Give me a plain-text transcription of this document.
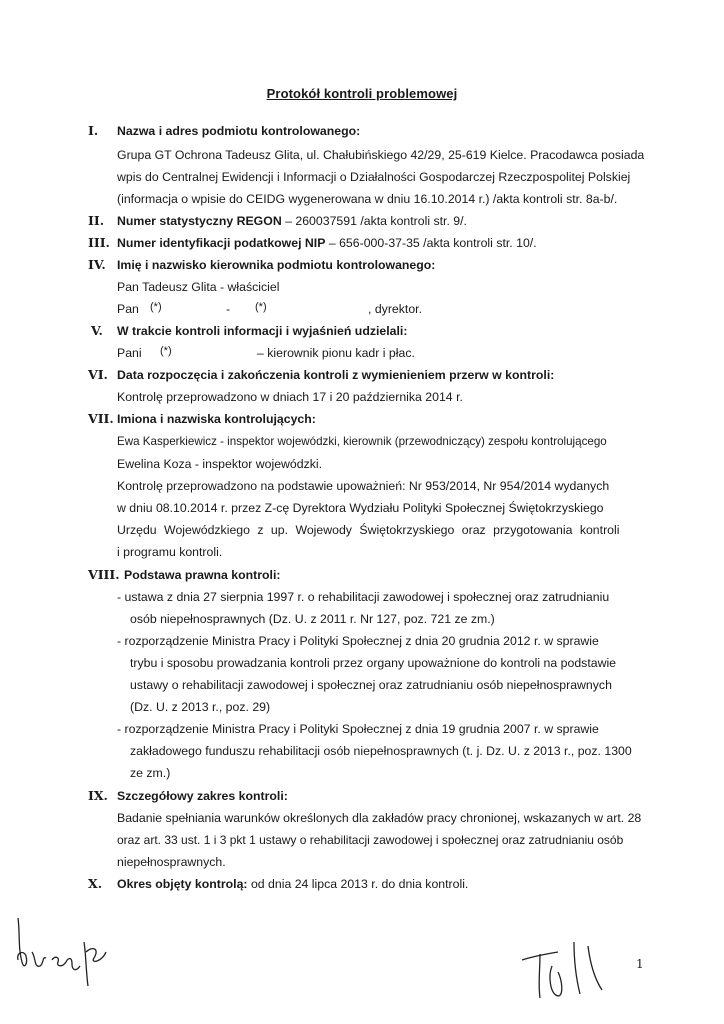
Protokół kontroli problemowej
I. Nazwa i adres podmiotu kontrolowanego:
Grupa GT Ochrona Tadeusz Glita, ul. Chałubińskiego 42/29, 25-619 Kielce. Pracodawca posiada
wpis do Centralnej Ewidencji i Informacji o Działalności Gospodarczej Rzeczpospolitej Polskiej
(informacja o wpisie do CEIDG wygenerowana w dniu 16.10.2014 r.) /akta kontroli str. 8a-b/.
II. Numer statystyczny REGON – 260037591 /akta kontroli str. 9/.
III. Numer identyfikacji podatkowej NIP – 656-000-37-35 /akta kontroli str. 10/.
IV. Imię i nazwisko kierownika podmiotu kontrolowanego:
Pan Tadeusz Glita - właściciel
Pan (*)	- (*)	, dyrektor.
V. W trakcie kontroli informacji i wyjaśnień udzielali:
Pani (*)	– kierownik pionu kadr i płac.
VI. Data rozpoczęcia i zakończenia kontroli z wymienieniem przerw w kontroli:
Kontrolę przeprowadzono w dniach 17 i 20 października 2014 r.
VII. Imiona i nazwiska kontrolujących:
Ewa Kasperkiewicz - inspektor wojewódzki, kierownik (przewodniczący) zespołu kontrolującego
Ewelina Koza - inspektor wojewódzki.
Kontrolę przeprowadzono na podstawie upoważnień: Nr 953/2014, Nr 954/2014 wydanych
w dniu 08.10.2014 r. przez Z-cę Dyrektora Wydziału Polityki Społecznej Świętokrzyskiego
Urzędu Wojewódzkiego z up. Wojewody Świętokrzyskiego oraz przygotowania kontroli
i programu kontroli.
VIII. Podstawa prawna kontroli:
- ustawa z dnia 27 sierpnia 1997 r. o rehabilitacji zawodowej i społecznej oraz zatrudnianiu
osób niepełnosprawnych (Dz. U. z 2011 r. Nr 127, poz. 721 ze zm.)
- rozporządzenie Ministra Pracy i Polityki Społecznej z dnia 20 grudnia 2012 r. w sprawie
trybu i sposobu prowadzania kontroli przez organy upoważnione do kontroli na podstawie
ustawy o rehabilitacji zawodowej i społecznej oraz zatrudnianiu osób niepełnosprawnych
(Dz. U. z 2013 r., poz. 29)
- rozporządzenie Ministra Pracy i Polityki Społecznej z dnia 19 grudnia 2007 r. w sprawie
zakładowego funduszu rehabilitacji osób niepełnosprawnych (t. j. Dz. U. z 2013 r., poz. 1300
ze zm.)
IX. Szczegółowy zakres kontroli:
Badanie spełniania warunków określonych dla zakładów pracy chronionej, wskazanych w art. 28
oraz art. 33 ust. 1 i 3 pkt 1 ustawy o rehabilitacji zawodowej i społecznej oraz zatrudnianiu osób
niepełnosprawnych.
X. Okres objęty kontrolą: od dnia 24 lipca 2013 r. do dnia kontroli.
1
